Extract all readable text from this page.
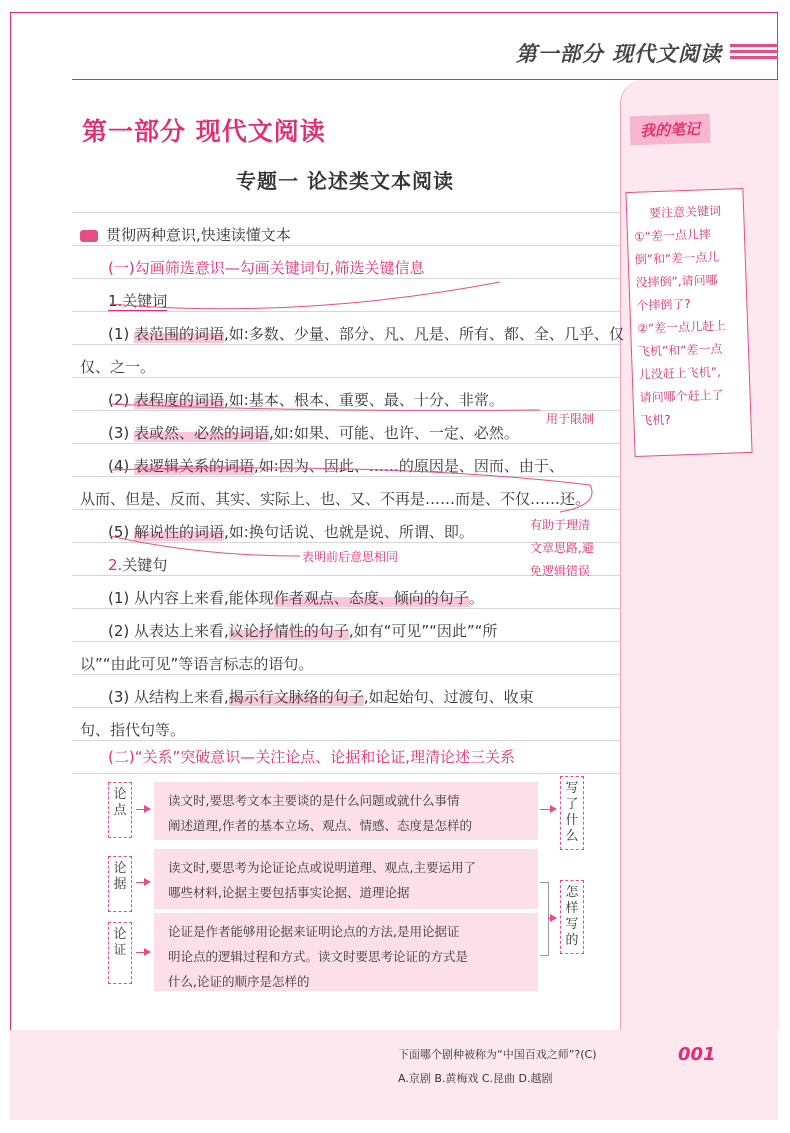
第一部分 现代文阅读
我的笔记
要注意关键词
①“差一点儿摔
倒”和“差一点儿
没摔倒”,请问哪
个摔倒了?
②“差一点儿赶上
飞机”和“差一点
儿没赶上飞机”,
请问哪个赶上了
飞机?
第一部分 现代文阅读
专题一 论述类文本阅读
贯彻两种意识,快速读懂文本
(一)勾画筛选意识—勾画关键词句,筛选关键信息
1.关键词
(1) 表范围的词语,如:多数、少量、部分、凡、凡是、所有、都、全、几乎、仅
仅、之一。
(2) 表程度的词语,如:基本、根本、重要、最、十分、非常。
(3) 表或然、必然的词语,如:如果、可能、也许、一定、必然。
(4) 表逻辑关系的词语,如:因为、因此、……的原因是、因而、由于、
从而、但是、反而、其实、实际上、也、又、不再是……而是、不仅……还。
(5) 解说性的词语,如:换句话说、也就是说、所谓、即。
2.关键句
(1) 从内容上来看,能体现作者观点、态度、倾向的句子。
(2) 从表达上来看,议论抒情性的句子,如有“可见”“因此”“所
以”“由此可见”等语言标志的语句。
(3) 从结构上来看,揭示行文脉络的句子,如起始句、过渡句、收束
句、指代句等。
(二)“关系”突破意识—关注论点、论据和论证,理清论述三关系
用于限制
有助于理清
文章思路,避
免逻辑错误
表明前后意思相同
论点
读文时,要思考文本主要谈的是什么问题或就什么事情
阐述道理,作者的基本立场、观点、情感、态度是怎样的
写了什么
论据
读文时,要思考为论证论点或说明道理、观点,主要运用了
哪些材料,论据主要包括事实论据、道理论据
论证
论证是作者能够用论据来证明论点的方法,是用论据证
明论点的逻辑过程和方式。读文时要思考论证的方式是
什么,论证的顺序是怎样的
怎样写的
下面哪个剧种被称为“中国百戏之师”?(C)
A.京剧 B.黄梅戏 C.昆曲 D.越剧
001
